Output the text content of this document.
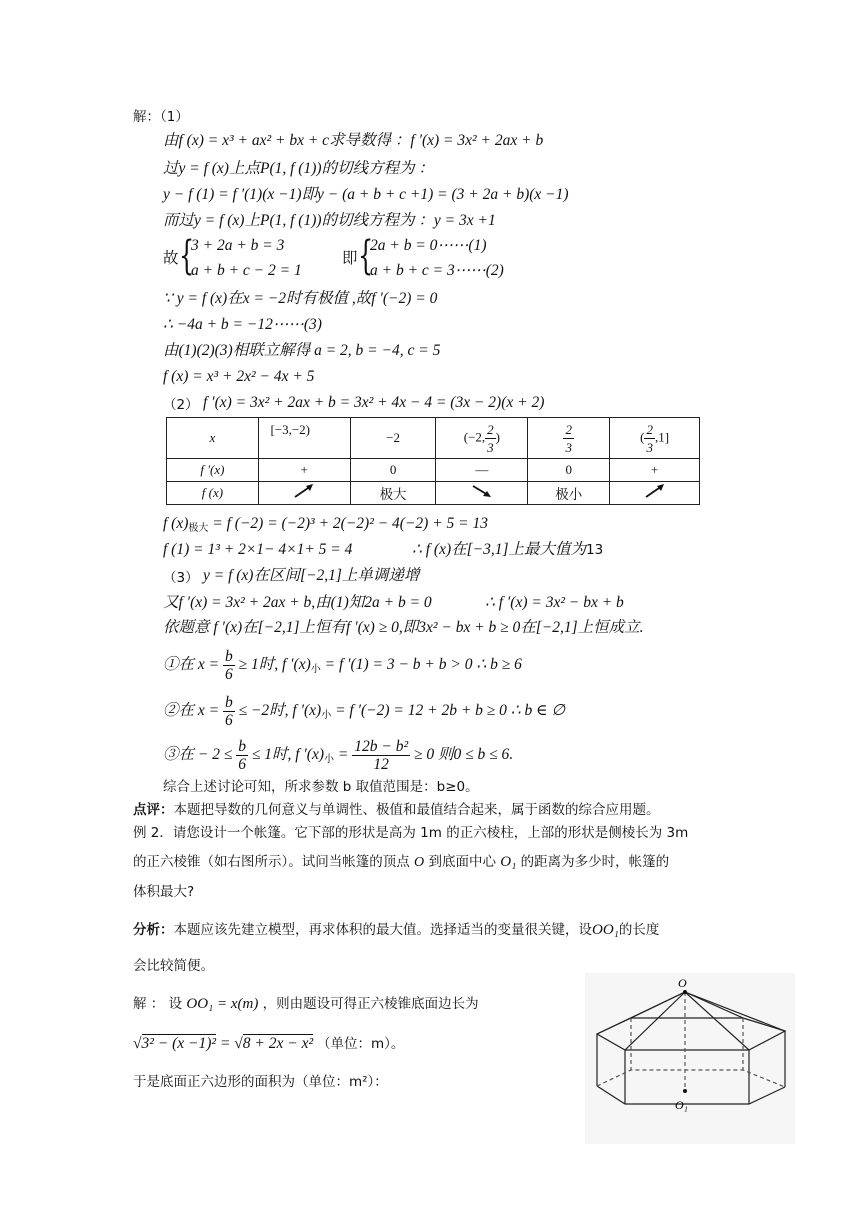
解：（1）
由f (x) = x³ + ax² + bx + c求导数得 ：f ′(x) = 3x² + 2ax + b
过y = f (x)上点P(1, f (1))的切线方程为 ：
y − f (1) = f ′(1)(x −1)即y − (a + b + c +1) = (3 + 2a + b)(x −1)
而过y = f (x)上P(1, f (1))的切线方程为 ：y = 3x +1
故 {
3 + 2a + b = 3
a + b + c − 2 = 1
即 {
2a + b = 0⋯⋯(1)
a + b + c = 3⋯⋯(2)
∵ y = f (x)在x = −2时有极值 ,故f ′(−2) = 0
∴ −4a + b = −12⋯⋯(3)
由(1)(2)(3)相联立解得 a = 2, b = −4, c = 5
f (x) = x³ + 2x² − 4x + 5
（2） f ′(x) = 3x² + 2ax + b = 3x² + 4x − 4 = (3x − 2)(x + 2)
x	[−3,−2)	−2	(−2, $\frac{2}{3}$ )	$\frac{2}{3}$	( $\frac{2}{3} ,1$]
f ′(x)	+	0	—	0	+
f (x)		极大		极小	
f $(x)_{极大} = f$ (−2) = (−2)³ + 2(−2)² − 4(−2) + 5 = 13
f (1) = 1³ + 2×1− 4×1+ 5 = 4	∴ f (x)在[−3,1]上最大值为13
（3） y = f (x)在区间[−2,1]上单调递增
又f ′(x) = 3x² + 2ax + b,由(1)知2a + b = 0	∴ f ′(x) = 3x² − bx + b
依题意 f ′(x)在[−2,1]上恒有f ′(x) ≥ 0,即3x² − bx + b ≥ 0在[−2,1]上恒成立.
①在 $x = \frac{b}{6} \ge 1$时, f $'(x)_小 = f$ ′(1) = 3 − b + b > 0 ∴ b ≥ 6
②在 $x = \frac{b}{6} \le -2$时, f $'(x)_小 = f$ ′(−2) = 12 + 2b + b ≥ 0 ∴ b ∈ ∅
③在 − $2 \le \frac{b}{6} \le 1$时, f $'(x)_小 = \frac{\text{12b − b²}}{12} \ge 0$ 则0 ≤ b ≤ 6.
综合上述讨论可知，所求参数 b 取值范围是：b≥0。
点评：本题把导数的几何意义与单调性、极值和最值结合起来，属于函数的综合应用题。
例 2．请您设计一个帐篷。它下部的形状是高为 1m 的正六棱柱，上部的形状是侧棱长为 3m
的正六棱锥（如右图所示）。试问当帐篷的顶点 O 到底面中心 O₁ 的距离为多少时，帐篷的
体积最大?
分析：本题应该先建立模型，再求体积的最大值。选择适当的变量很关键，设OO₁的长度
会比较简便。
解 ： 设 OO₁ = x(m) ，则由题设可得正六棱锥底面边长为
√3² − (x −1)² = √8 + 2x − x² （单位：m）。
于是底面正六边形的面积为（单位：m²）：
O
O₁
